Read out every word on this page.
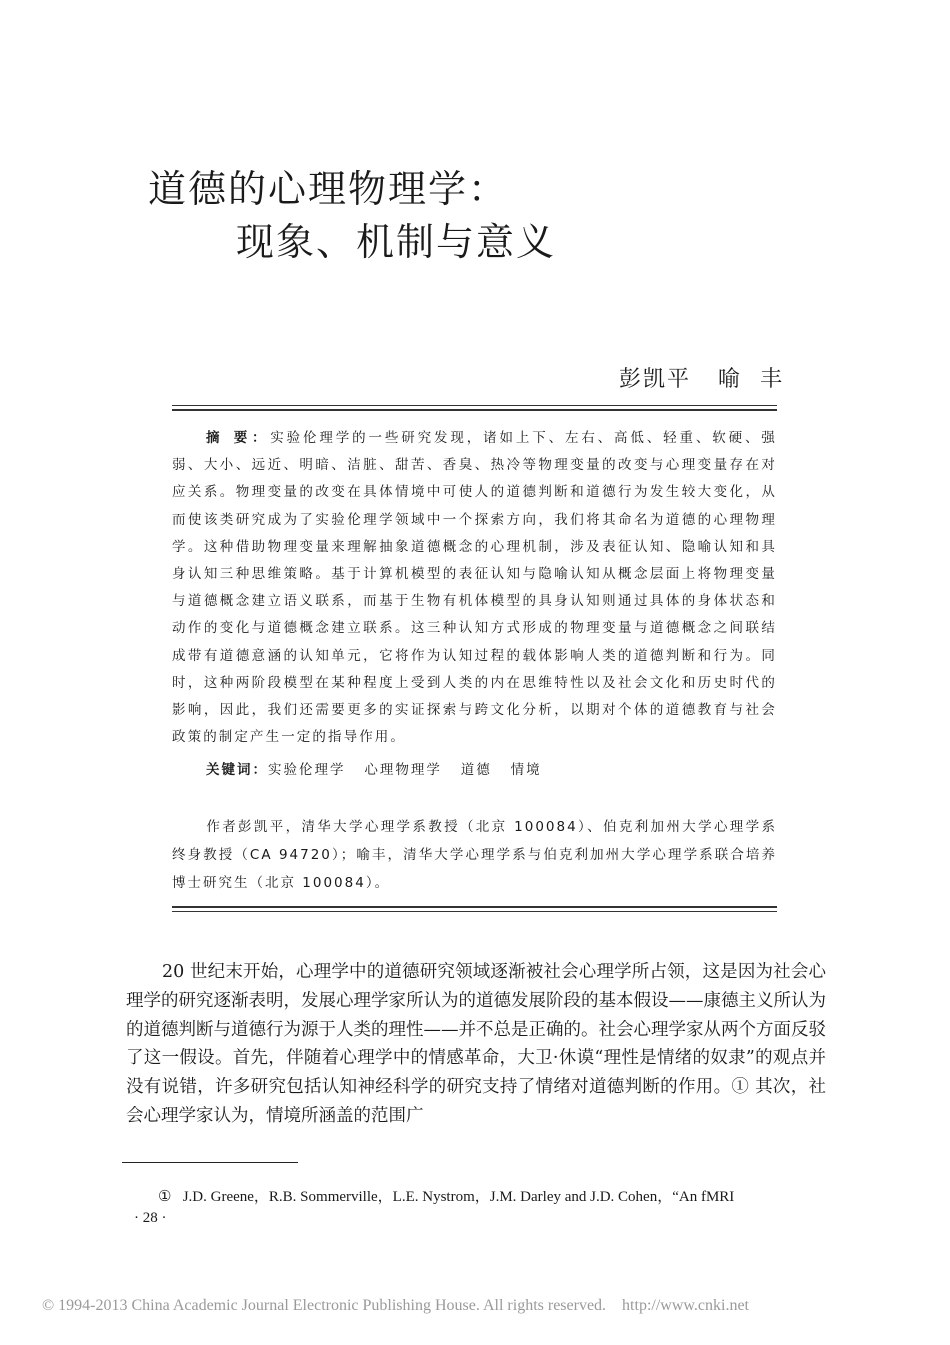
道德的心理物理学：
现象、机制与意义
彭凯平   喻  丰
摘 要：实验伦理学的一些研究发现，诸如上下、左右、高低、轻重、软硬、强弱、大小、远近、明暗、洁脏、甜苦、香臭、热冷等物理变量的改变与心理变量存在对应关系。物理变量的改变在具体情境中可使人的道德判断和道德行为发生较大变化，从而使该类研究成为了实验伦理学领域中一个探索方向，我们将其命名为道德的心理物理学。这种借助物理变量来理解抽象道德概念的心理机制，涉及表征认知、隐喻认知和具身认知三种思维策略。基于计算机模型的表征认知与隐喻认知从概念层面上将物理变量与道德概念建立语义联系，而基于生物有机体模型的具身认知则通过具体的身体状态和动作的变化与道德概念建立联系。这三种认知方式形成的物理变量与道德概念之间联结成带有道德意涵的认知单元，它将作为认知过程的载体影响人类的道德判断和行为。同时，这种两阶段模型在某种程度上受到人类的内在思维特性以及社会文化和历史时代的影响，因此，我们还需要更多的实证探索与跨文化分析，以期对个体的道德教育与社会政策的制定产生一定的指导作用。
关键词：实验伦理学   心理物理学   道德   情境
作者彭凯平，清华大学心理学系教授（北京 100084）、伯克利加州大学心理学系终身教授（CA 94720）；喻丰，清华大学心理学系与伯克利加州大学心理学系联合培养博士研究生（北京 100084）。
20 世纪末开始，心理学中的道德研究领域逐渐被社会心理学所占领，这是因为社会心理学的研究逐渐表明，发展心理学家所认为的道德发展阶段的基本假设——康德主义所认为的道德判断与道德行为源于人类的理性——并不总是正确的。社会心理学家从两个方面反驳了这一假设。首先，伴随着心理学中的情感革命，大卫·休谟“理性是情绪的奴隶”的观点并没有说错，许多研究包括认知神经科学的研究支持了情绪对道德判断的作用。① 其次，社会心理学家认为，情境所涵盖的范围广
①   J.D. Greene，R.B. Sommerville，L.E. Nystrom，J.M. Darley and J.D. Cohen，“An fMRI
· 28 ·
© 1994-2013 China Academic Journal Electronic Publishing House. All rights reserved.    http://www.cnki.net
